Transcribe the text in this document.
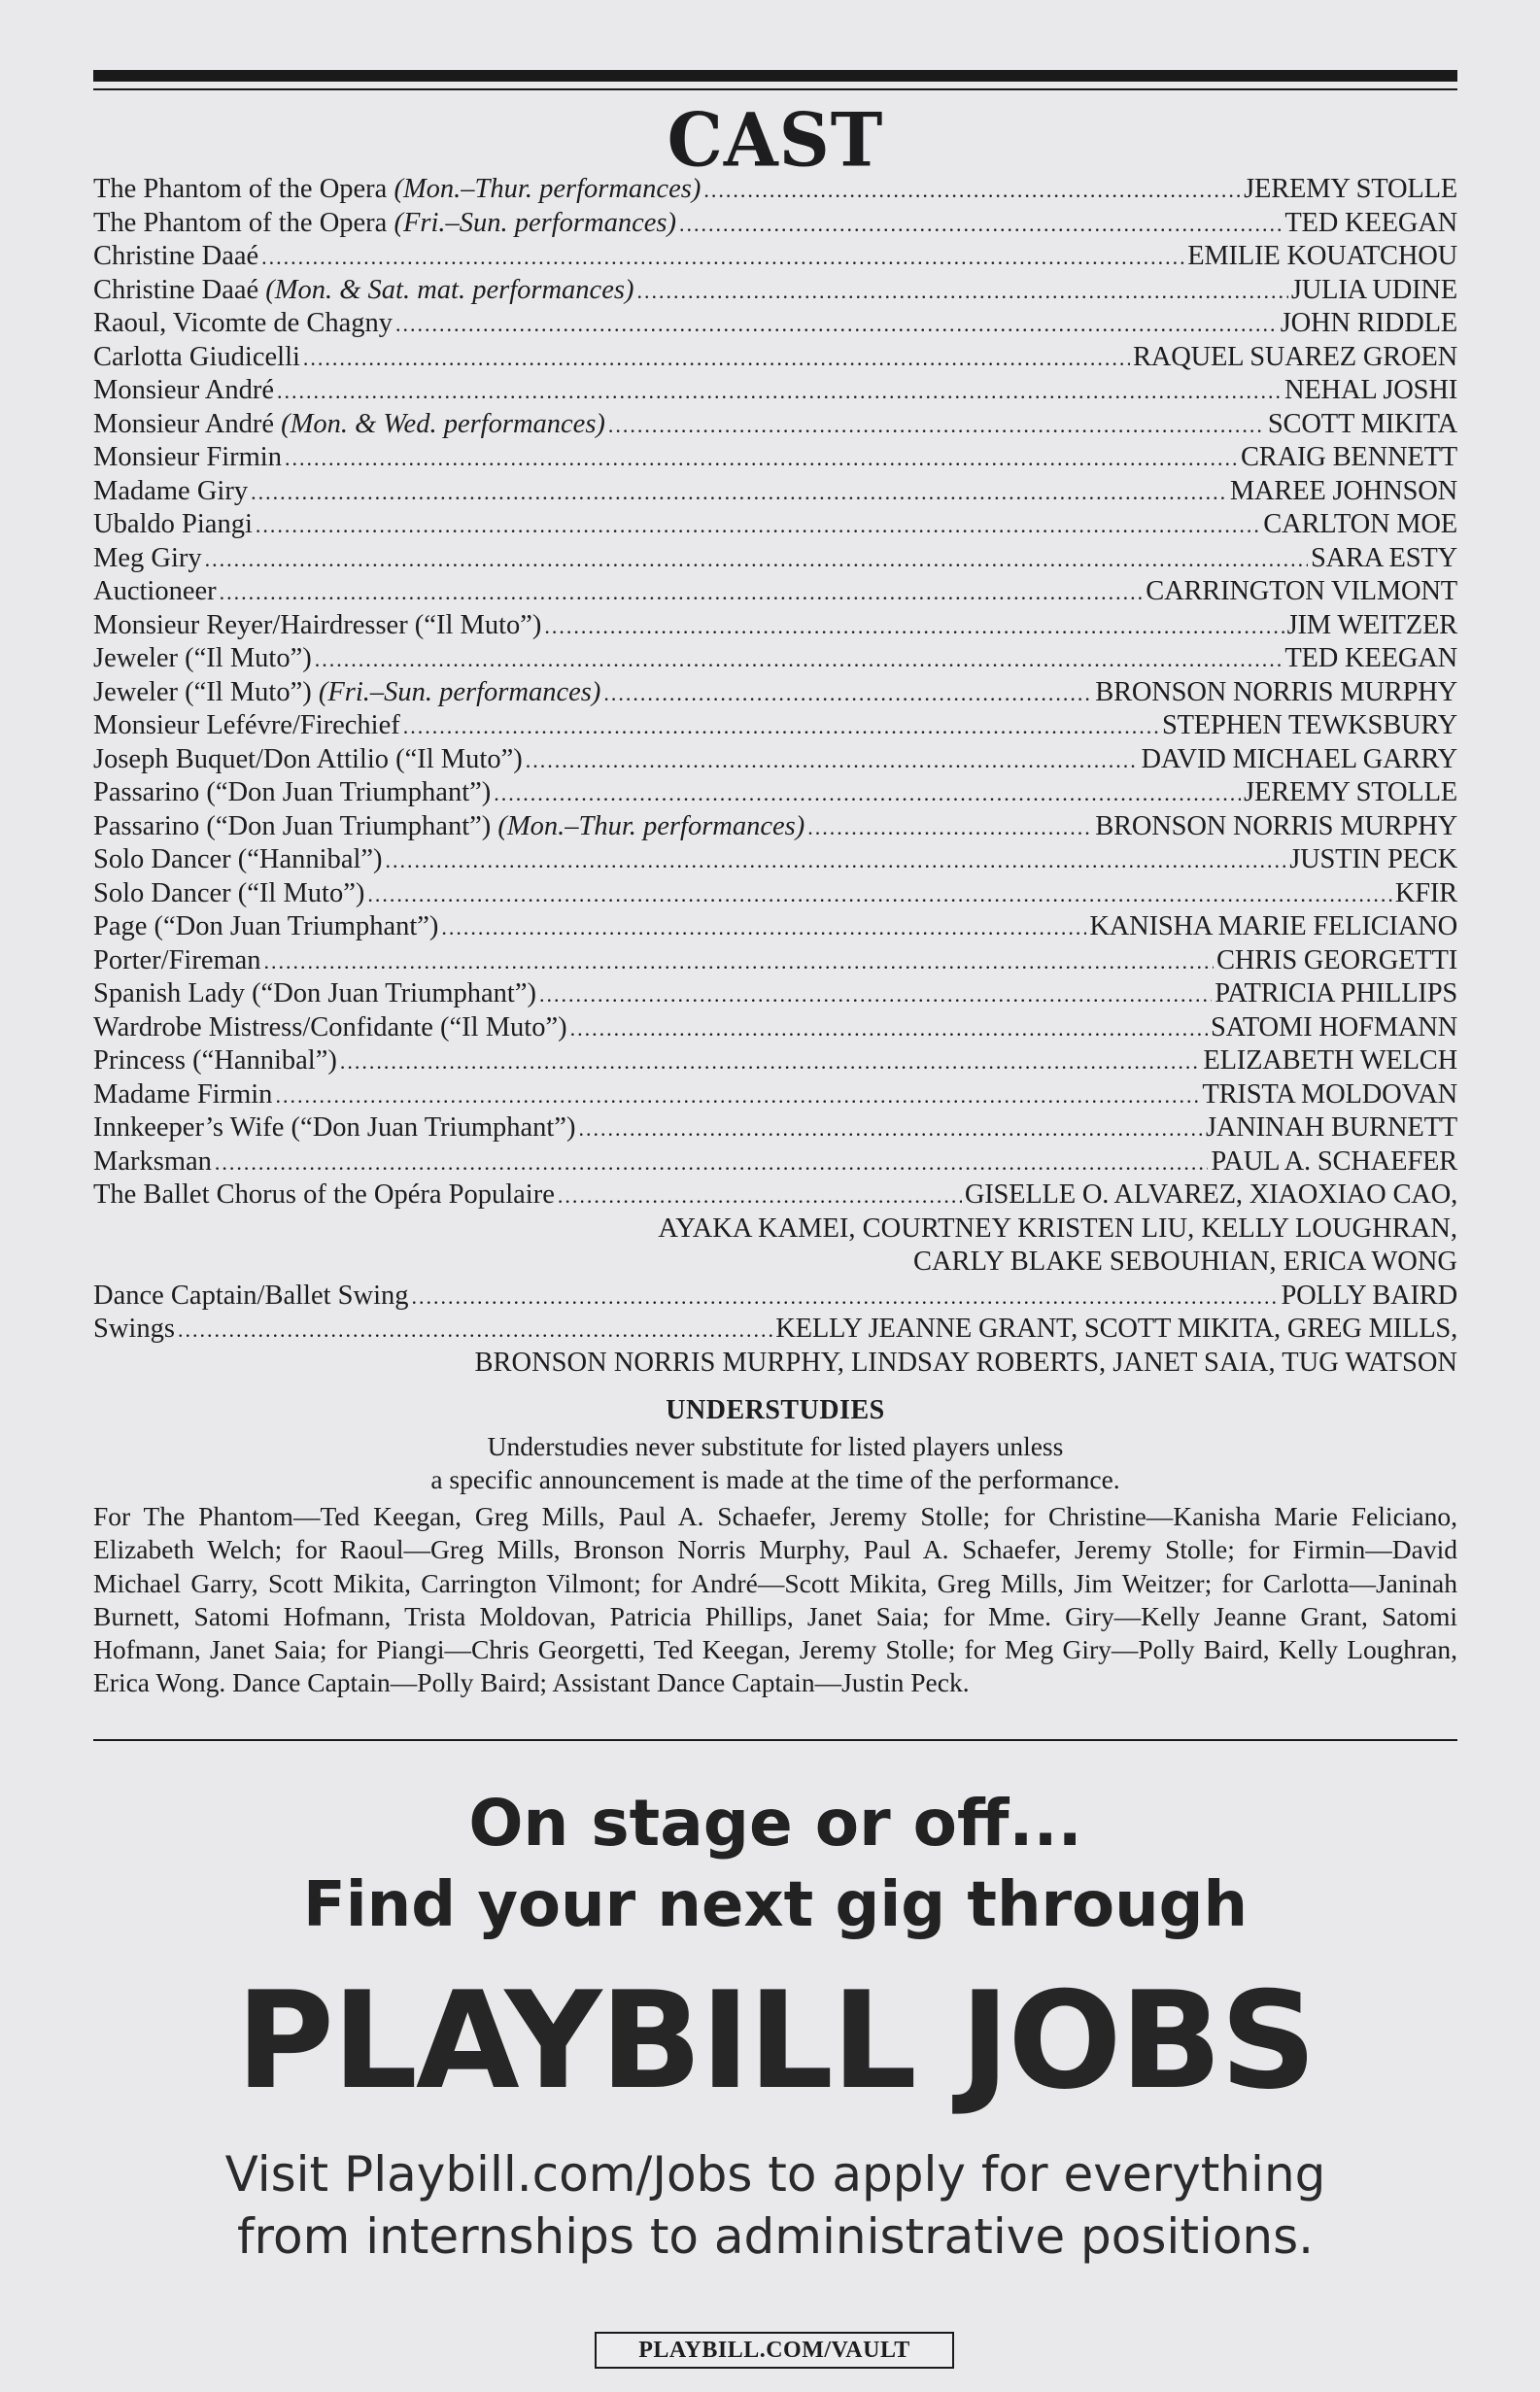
CAST
The Phantom of the Opera (Mon.–Thur. performances) .....	JEREMY STOLLE
The Phantom of the Opera (Fri.–Sun. performances) .....	TED KEEGAN
Christine Daaé .....	EMILIE KOUATCHOU
Christine Daaé (Mon. & Sat. mat. performances) .....	JULIA UDINE
Raoul, Vicomte de Chagny .....	JOHN RIDDLE
Carlotta Giudicelli .....	RAQUEL SUAREZ GROEN
Monsieur André .....	NEHAL JOSHI
Monsieur André (Mon. & Wed. performances) .....	SCOTT MIKITA
Monsieur Firmin .....	CRAIG BENNETT
Madame Giry .....	MAREE JOHNSON
Ubaldo Piangi .....	CARLTON MOE
Meg Giry .....	SARA ESTY
Auctioneer .....	CARRINGTON VILMONT
Monsieur Reyer/Hairdresser (“Il Muto”) .....	JIM WEITZER
Jeweler (“Il Muto”) .....	TED KEEGAN
Jeweler (“Il Muto”) (Fri.–Sun. performances) .....	BRONSON NORRIS MURPHY
Monsieur Lefévre/Firechief .....	STEPHEN TEWKSBURY
Joseph Buquet/Don Attilio (“Il Muto”) .....	DAVID MICHAEL GARRY
Passarino (“Don Juan Triumphant”) .....	JEREMY STOLLE
Passarino (“Don Juan Triumphant”) (Mon.–Thur. performances) .....	BRONSON NORRIS MURPHY
Solo Dancer (“Hannibal”) .....	JUSTIN PECK
Solo Dancer (“Il Muto”) .....	KFIR
Page (“Don Juan Triumphant”) .....	KANISHA MARIE FELICIANO
Porter/Fireman .....	CHRIS GEORGETTI
Spanish Lady (“Don Juan Triumphant”) .....	PATRICIA PHILLIPS
Wardrobe Mistress/Confidante (“Il Muto”) .....	SATOMI HOFMANN
Princess (“Hannibal”) .....	ELIZABETH WELCH
Madame Firmin .....	TRISTA MOLDOVAN
Innkeeper’s Wife (“Don Juan Triumphant”) .....	JANINAH BURNETT
Marksman .....	PAUL A. SCHAEFER
The Ballet Chorus of the Opéra Populaire .....	GISELLE O. ALVAREZ, XIAOXIAO CAO,
AYAKA KAMEI, COURTNEY KRISTEN LIU, KELLY LOUGHRAN,
CARLY BLAKE SEBOUHIAN, ERICA WONG
Dance Captain/Ballet Swing .....	POLLY BAIRD
Swings .....	KELLY JEANNE GRANT, SCOTT MIKITA, GREG MILLS,
BRONSON NORRIS MURPHY, LINDSAY ROBERTS, JANET SAIA, TUG WATSON
UNDERSTUDIES
Understudies never substitute for listed players unless
a specific announcement is made at the time of the performance.
For The Phantom—Ted Keegan, Greg Mills, Paul A. Schaefer, Jeremy Stolle; for Christine—Kanisha Marie Feliciano, Elizabeth Welch; for Raoul—Greg Mills, Bronson Norris Murphy, Paul A. Schaefer, Jeremy Stolle; for Firmin—David Michael Garry, Scott Mikita, Carrington Vilmont; for André—Scott Mikita, Greg Mills, Jim Weitzer; for Carlotta—Janinah Burnett, Satomi Hofmann, Trista Moldovan, Patricia Phillips, Janet Saia; for Mme. Giry—Kelly Jeanne Grant, Satomi Hofmann, Janet Saia; for Piangi—Chris Georgetti, Ted Keegan, Jeremy Stolle; for Meg Giry—Polly Baird, Kelly Loughran, Erica Wong. Dance Captain—Polly Baird; Assistant Dance Captain—Justin Peck.
On stage or off...
Find your next gig through
PLAYBILL JOBS
Visit Playbill.com/Jobs to apply for everything
from internships to administrative positions.
PLAYBILL.COM/VAULT
